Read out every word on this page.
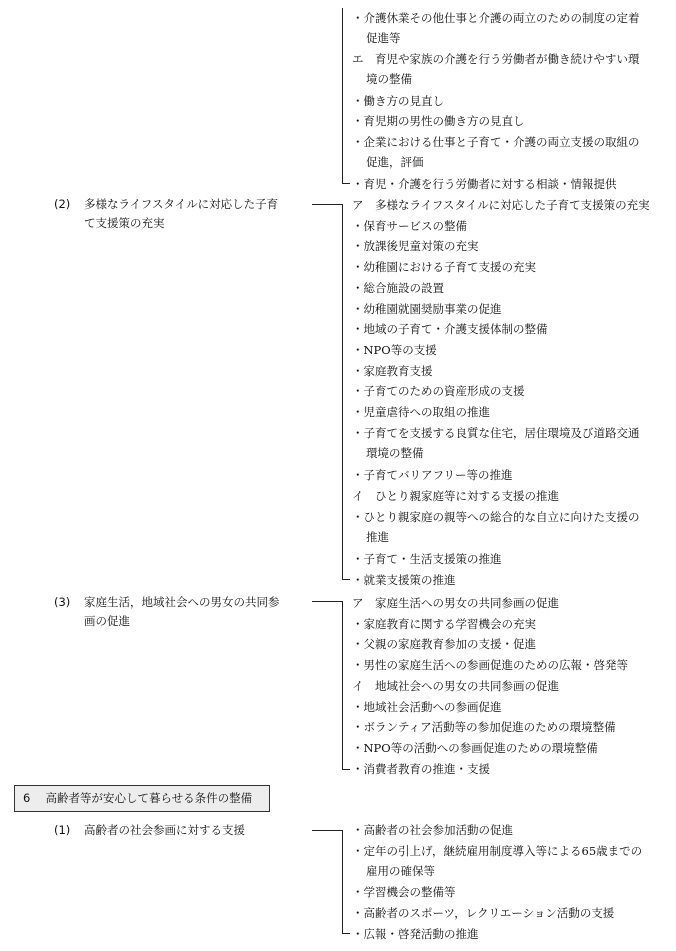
・介護休業その他仕事と介護の両立のための制度の定着
促進等
エ　育児や家族の介護を行う労働者が働き続けやすい環
境の整備
・働き方の見直し
・育児期の男性の働き方の見直し
・企業における仕事と子育て・介護の両立支援の取組の
促進，評価
・育児・介護を行う労働者に対する相談・情報提供
(2) 多様なライフスタイルに対応した子育
て支援策の充実
ア　多様なライフスタイルに対応した子育て支援策の充実
・保育サービスの整備
・放課後児童対策の充実
・幼稚園における子育て支援の充実
・総合施設の設置
・幼稚園就園奨励事業の促進
・地域の子育て・介護支援体制の整備
・NPO等の支援
・家庭教育支援
・子育てのための資産形成の支援
・児童虐待への取組の推進
・子育てを支援する良質な住宅，居住環境及び道路交通
環境の整備
・子育てバリアフリー等の推進
イ　ひとり親家庭等に対する支援の推進
・ひとり親家庭の親等への総合的な自立に向けた支援の
推進
・子育て・生活支援策の推進
・就業支援策の推進
(3) 家庭生活，地域社会への男女の共同参
画の促進
ア　家庭生活への男女の共同参画の促進
・家庭教育に関する学習機会の充実
・父親の家庭教育参加の支援・促進
・男性の家庭生活への参画促進のための広報・啓発等
イ　地域社会への男女の共同参画の促進
・地域社会活動への参画促進
・ボランティア活動等の参加促進のための環境整備
・NPO等の活動への参画促進のための環境整備
・消費者教育の推進・支援
6　 高齢者等が安心して暮らせる条件の整備
(1) 高齢者の社会参画に対する支援	・高齢者の社会参加活動の促進
・定年の引上げ，継続雇用制度導入等による65歳までの
雇用の確保等
・学習機会の整備等
・高齢者のスポーツ，レクリエーション活動の支援
・広報・啓発活動の推進
